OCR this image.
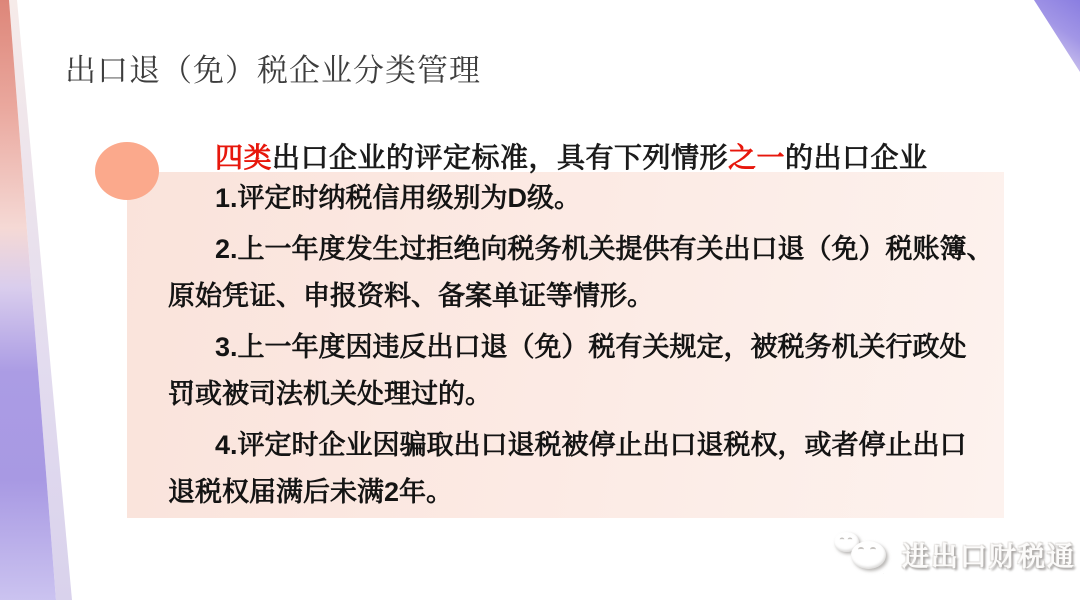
出口退（免）税企业分类管理
四类出口企业的评定标准，具有下列情形之一的出口企业
1.评定时纳税信用级别为D级。
2.上一年度发生过拒绝向税务机关提供有关出口退（免）税账簿、
原始凭证、申报资料、备案单证等情形。
3.上一年度因违反出口退（免）税有关规定，被税务机关行政处
罚或被司法机关处理过的。
4.评定时企业因骗取出口退税被停止出口退税权，或者停止出口
退税权届满后未满2年。
进出口财税通
